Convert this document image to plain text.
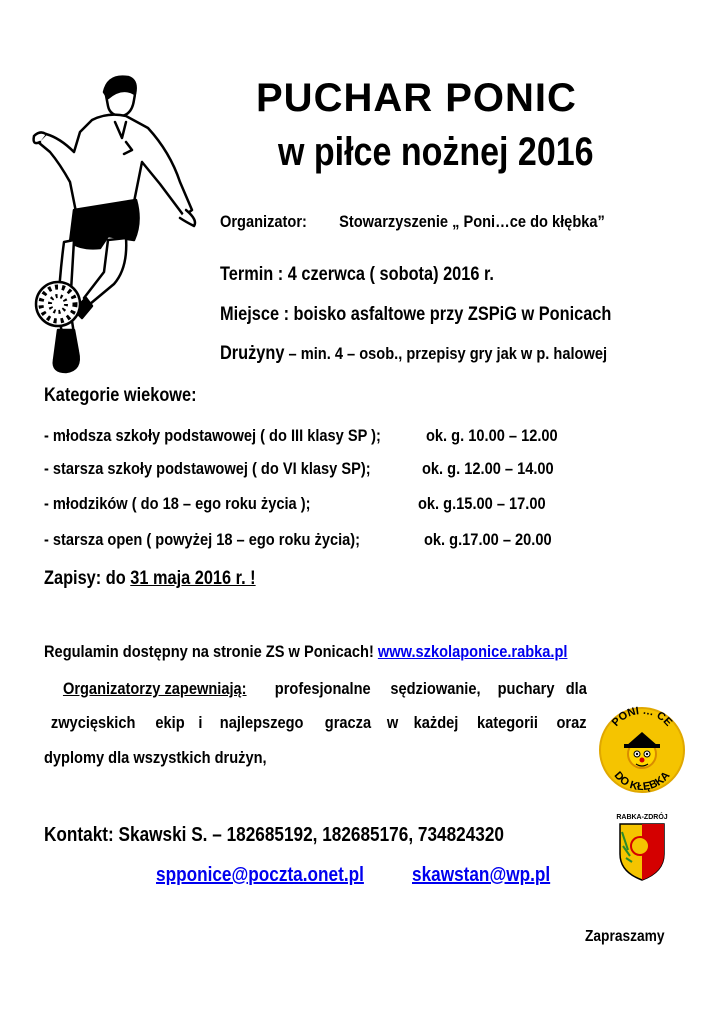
PUCHAR PONIC
w piłce nożnej 2016
Organizator: Stowarzyszenie „ Poni…ce do kłębka”
Termin : 4 czerwca ( sobota) 2016 r.
Miejsce : boisko asfaltowe przy ZSPiG w Ponicach
Drużyny – min. 4 – osob., przepisy gry jak w p. halowej
Kategorie wiekowe:
- młodsza szkoły podstawowej ( do III klasy SP );	ok. g. 10.00 – 12.00
- starsza szkoły podstawowej ( do VI klasy SP);	ok. g. 12.00 – 14.00
- młodzików ( do 18 – ego roku życia );	ok. g.15.00 – 17.00
- starsza open ( powyżej 18 – ego roku życia);	ok. g.17.00 – 20.00
Zapisy: do 31 maja 2016 r. !
Regulamin dostępny na stronie ZS w Ponicach! www.szkolaponice.rabka.pl
Organizatorzy zapewniają: profesjonalne sędziowanie, puchary dla
zwycięskich ekip i najlepszego gracza w każdej kategorii oraz
dyplomy dla wszystkich drużyn,
PONI … CE
DO KŁĘBKA
RABKA-ZDRÓJ
Kontakt: Skawski S. – 182685192, 182685176, 734824320
spponice@poczta.onet.pl skawstan@wp.pl
Zapraszamy
